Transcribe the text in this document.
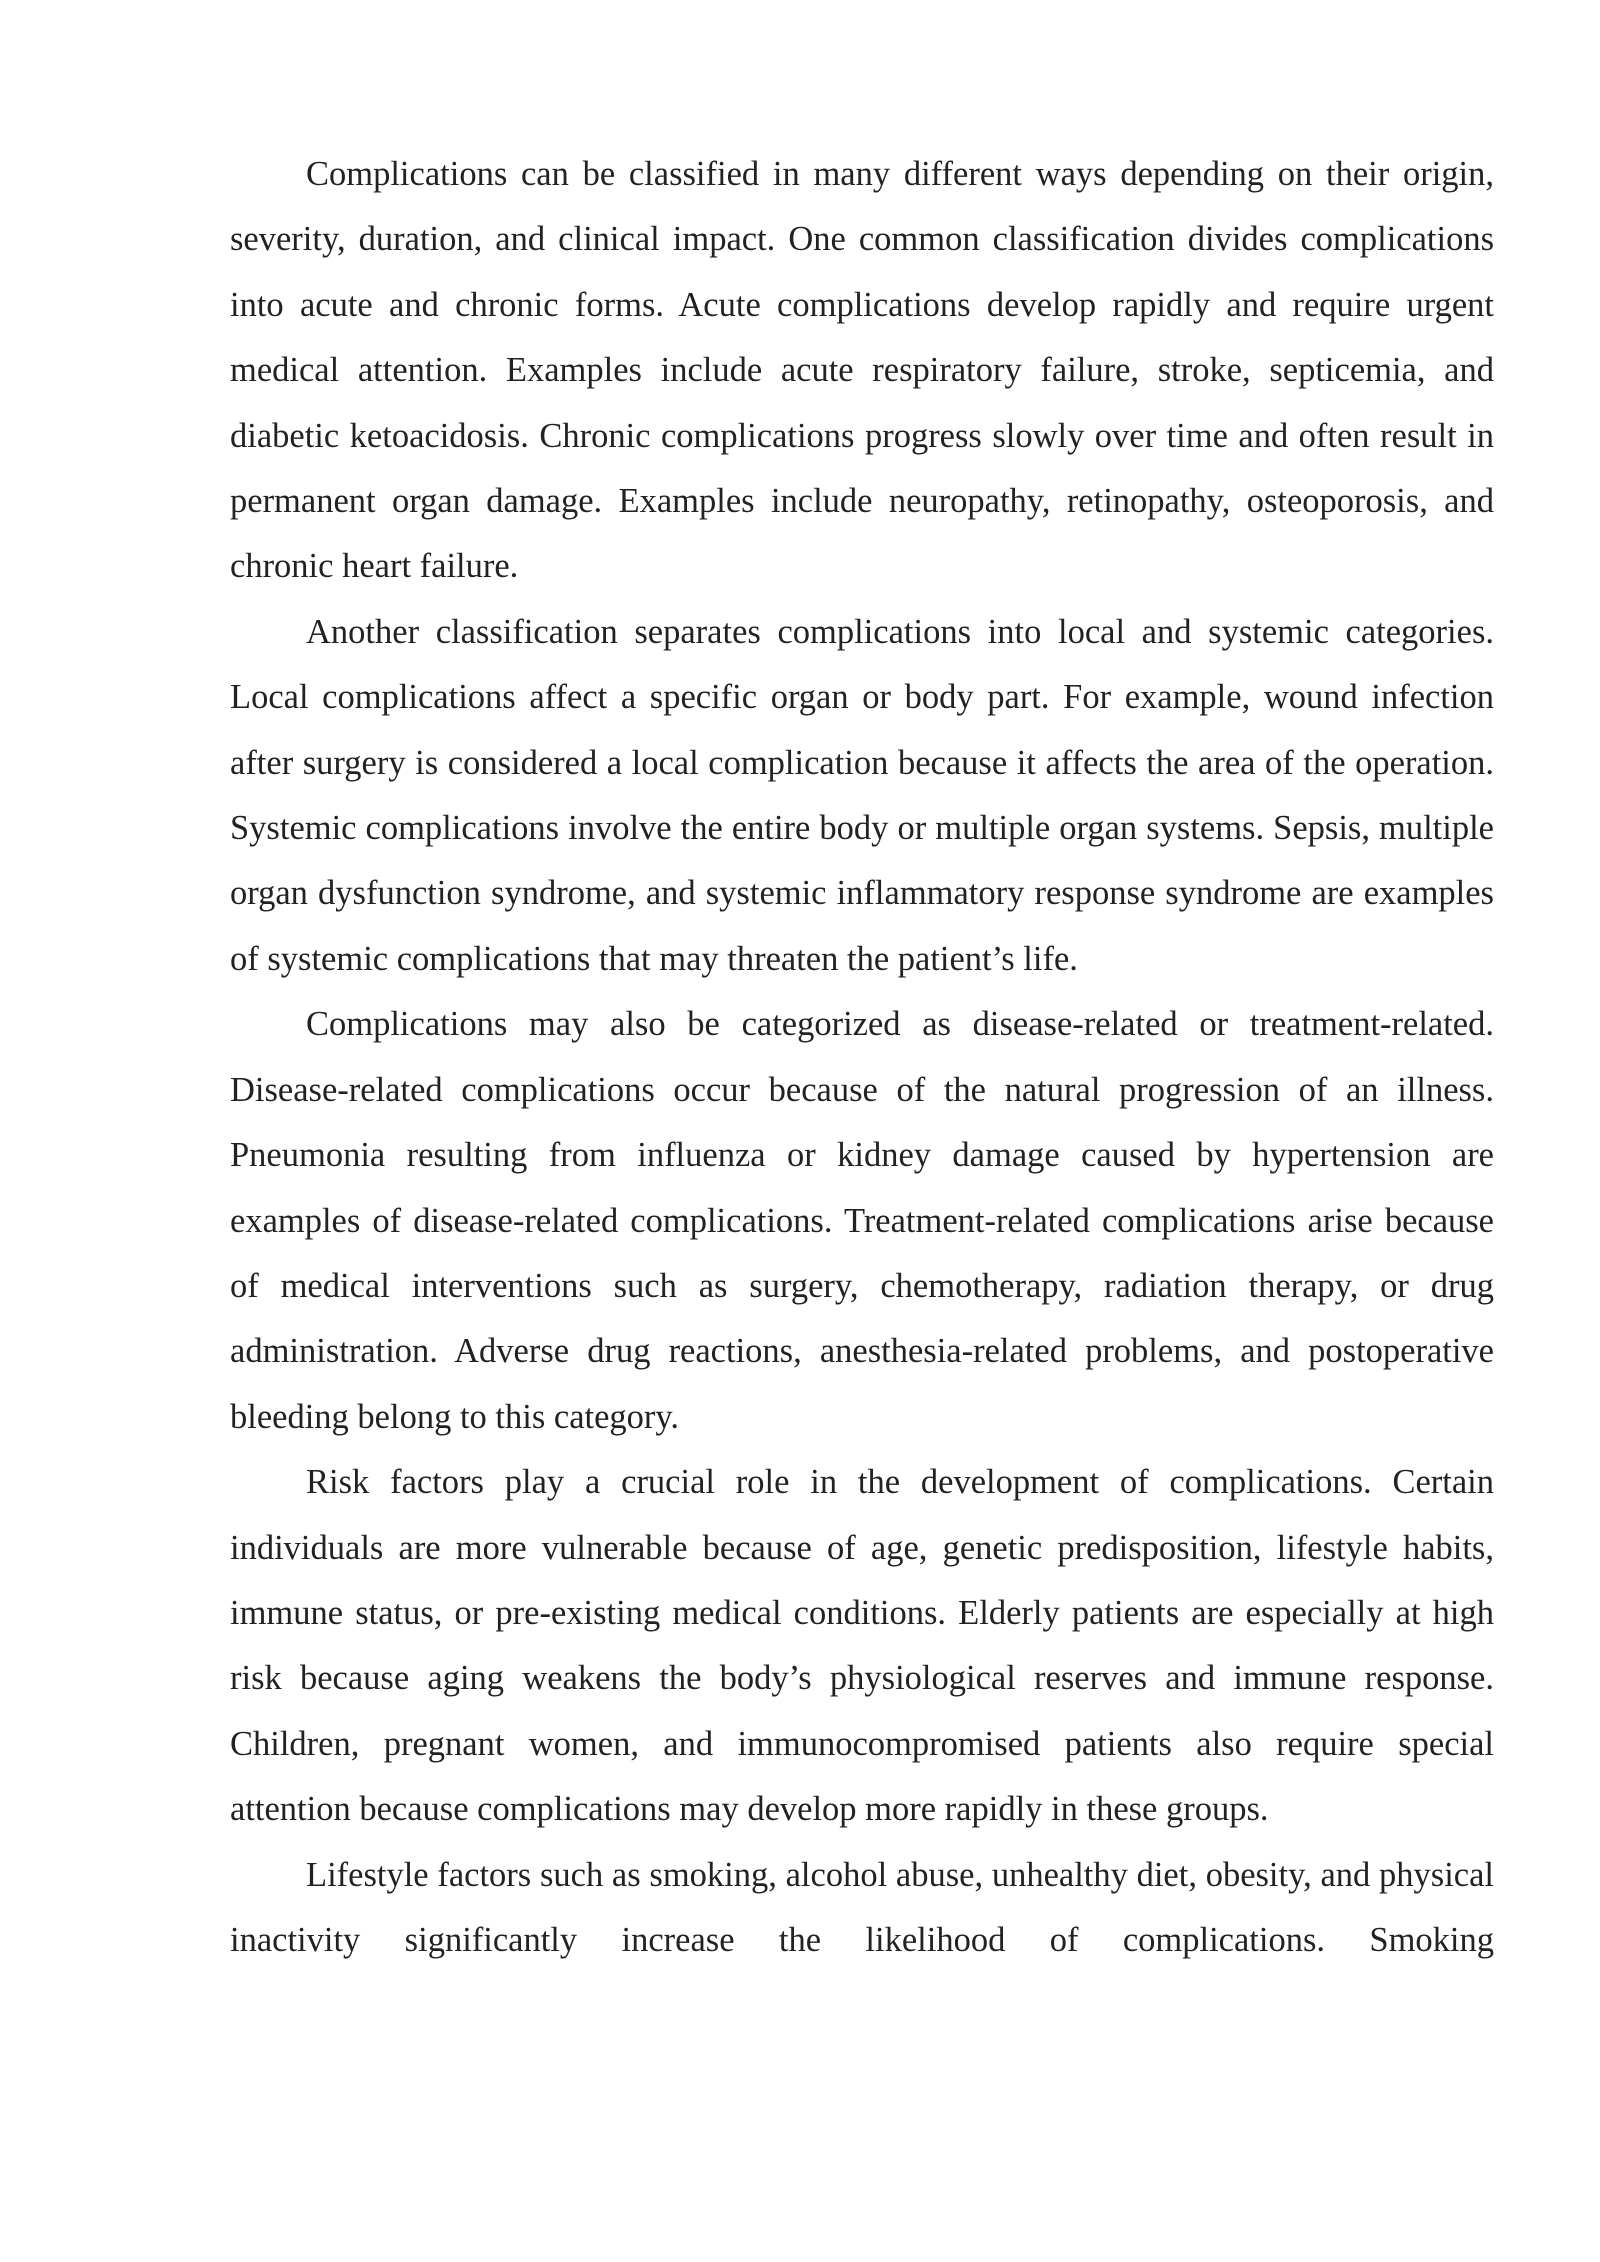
Complications can be classified in many different ways depending on their origin, severity, duration, and clinical impact. One common classification divides complications into acute and chronic forms. Acute complications develop rapidly and require urgent medical attention. Examples include acute respiratory failure, stroke, septicemia, and diabetic ketoacidosis. Chronic complications progress slowly over time and often result in permanent organ damage. Examples include neuropathy, retinopathy, osteoporosis, and chronic heart failure.

Another classification separates complications into local and systemic categories. Local complications affect a specific organ or body part. For example, wound infection after surgery is considered a local complication because it affects the area of the operation. Systemic complications involve the entire body or multiple organ systems. Sepsis, multiple organ dysfunction syndrome, and systemic inflammatory response syndrome are examples of systemic complications that may threaten the patient’s life.

Complications may also be categorized as disease-related or treatment-related. Disease-related complications occur because of the natural progression of an illness. Pneumonia resulting from influenza or kidney damage caused by hypertension are examples of disease-related complications. Treatment-related complications arise because of medical interventions such as surgery, chemotherapy, radiation therapy, or drug administration. Adverse drug reactions, anesthesia-related problems, and postoperative bleeding belong to this category.

Risk factors play a crucial role in the development of complications. Certain individuals are more vulnerable because of age, genetic predisposition, lifestyle habits, immune status, or pre-existing medical conditions. Elderly patients are especially at high risk because aging weakens the body’s physiological reserves and immune response. Children, pregnant women, and immunocompromised patients also require special attention because complications may develop more rapidly in these groups.

Lifestyle factors such as smoking, alcohol abuse, unhealthy diet, obesity, and physical inactivity significantly increase the likelihood of complications. Smoking
